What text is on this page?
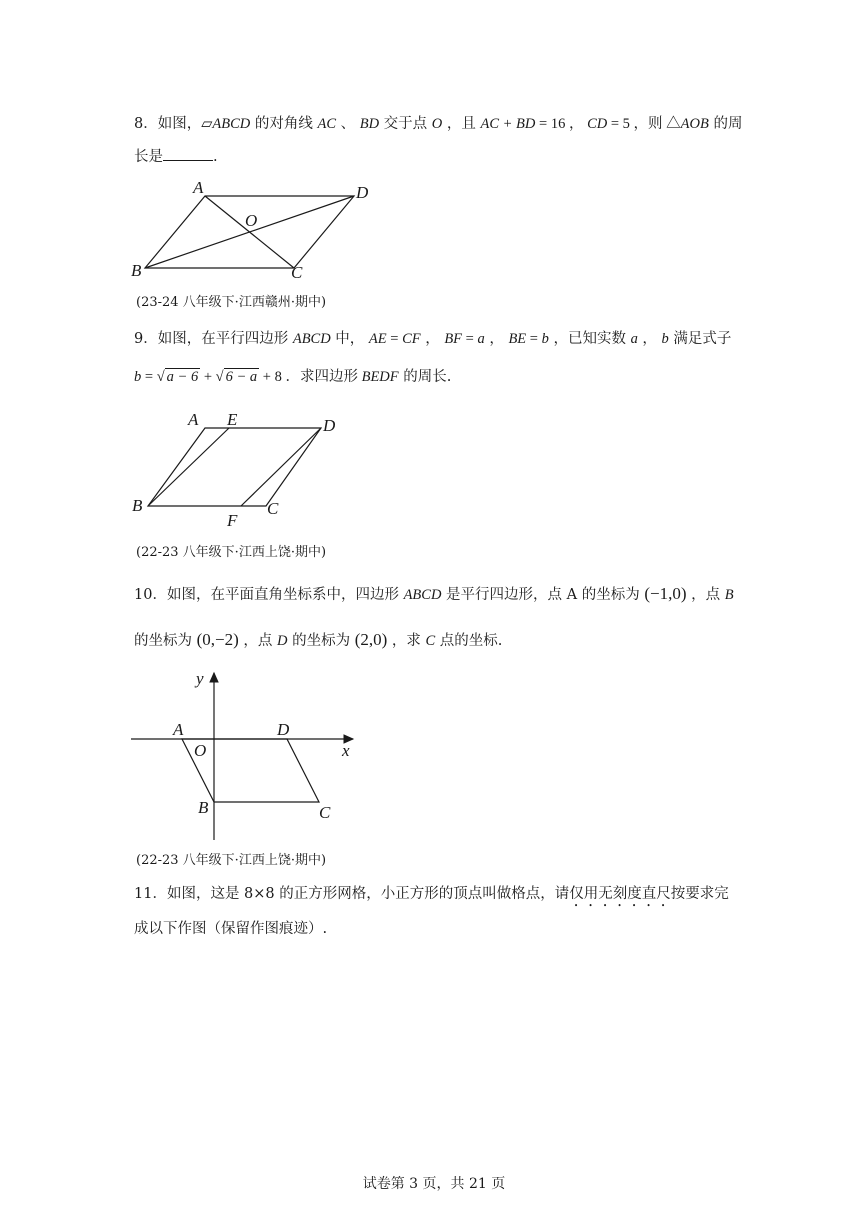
8．如图，▱ABCD 的对角线 AC 、 BD 交于点 O ，且 AC + BD = 16 ， CD = 5 ，则 △AOB 的周
长是	.
A	D
O
B	C
(23-24 八年级下·江西赣州·期中)
9．如图，在平行四边形 ABCD 中， AE = CF ， BF = a ， BE = b ，已知实数 a ， b 满足式子
b = √ a − 6 + √ 6 − a + 8 ．求四边形 BEDF 的周长.
A E	D
B
F
C
(22-23 八年级下·江西上饶·期中)
10．如图，在平面直角坐标系中，四边形 ABCD 是平行四边形，点 A 的坐标为 (−1,0) ，点 B
的坐标为 (0,−2) ，点 D 的坐标为 (2,0) ，求 C 点的坐标.
y
A	D
x
O
B	C
(22-23 八年级下·江西上饶·期中)
11．如图，这是 8×8 的正方形网格，小正方形的顶点叫做格点，请仅用无刻度直尺按要求完
成以下作图（保留作图痕迹）.
试卷第 3 页，共 21 页
